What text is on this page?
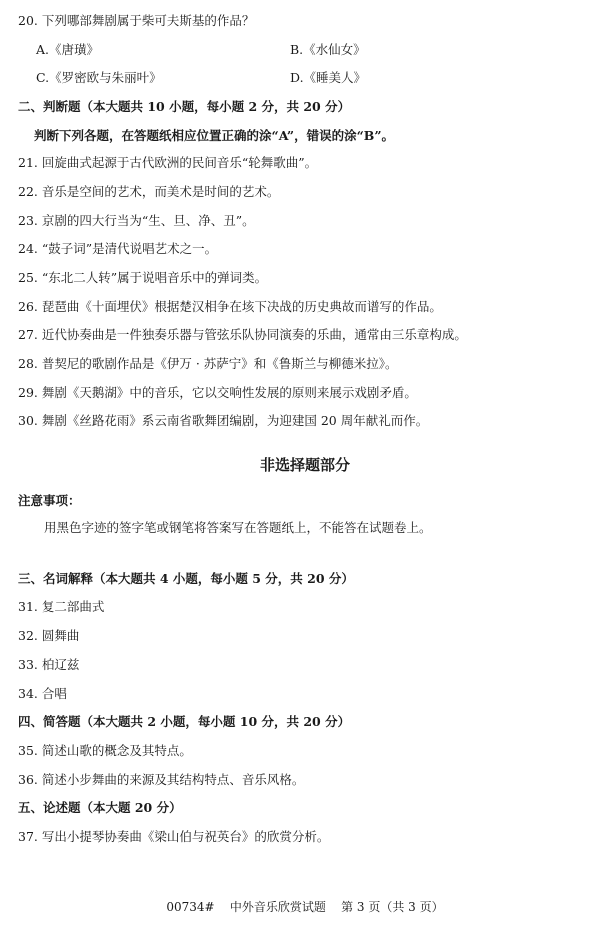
20. 下列哪部舞剧属于柴可夫斯基的作品？
A.《唐璜》	B.《水仙女》
C.《罗密欧与朱丽叶》	D.《睡美人》
二、判断题（本大题共 10 小题，每小题 2 分，共 20 分）
判断下列各题，在答题纸相应位置正确的涂“A”，错误的涂“B”。
21. 回旋曲式起源于古代欧洲的民间音乐“轮舞歌曲”。
22. 音乐是空间的艺术，而美术是时间的艺术。
23. 京剧的四大行当为“生、旦、净、丑”。
24. “鼓子词”是清代说唱艺术之一。
25. “东北二人转”属于说唱音乐中的弹词类。
26. 琵琶曲《十面埋伏》根据楚汉相争在垓下决战的历史典故而谱写的作品。
27. 近代协奏曲是一件独奏乐器与管弦乐队协同演奏的乐曲，通常由三乐章构成。
28. 普契尼的歌剧作品是《伊万 · 苏萨宁》和《鲁斯兰与柳德米拉》。
29. 舞剧《天鹅湖》中的音乐，它以交响性发展的原则来展示戏剧矛盾。
30. 舞剧《丝路花雨》系云南省歌舞团编剧，为迎建国 20 周年献礼而作。
非选择题部分
注意事项：
用黑色字迹的签字笔或钢笔将答案写在答题纸上，不能答在试题卷上。
三、名词解释（本大题共 4 小题，每小题 5 分，共 20 分）
31. 复二部曲式
32. 圆舞曲
33. 柏辽兹
34. 合唱
四、简答题（本大题共 2 小题，每小题 10 分，共 20 分）
35. 简述山歌的概念及其特点。
36. 简述小步舞曲的来源及其结构特点、音乐风格。
五、论述题（本大题 20 分）
37. 写出小提琴协奏曲《梁山伯与祝英台》的欣赏分析。
00734#    中外音乐欣赏试题    第 3 页（共 3 页）
